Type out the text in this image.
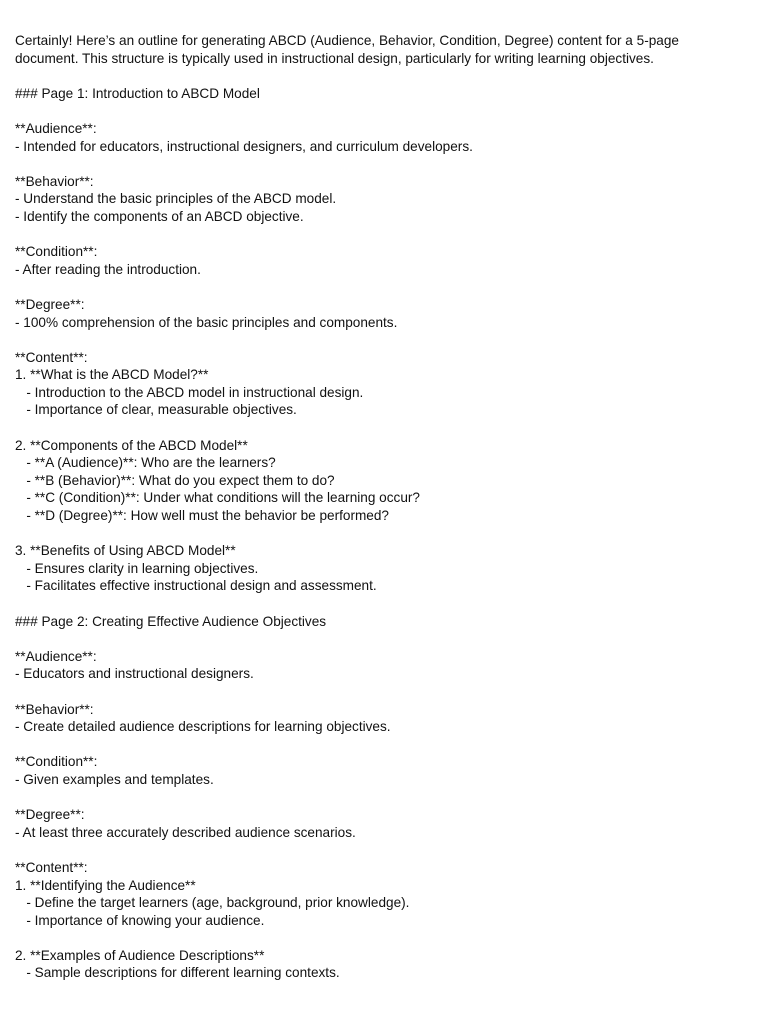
Certainly! Here’s an outline for generating ABCD (Audience, Behavior, Condition, Degree) content for a 5-page
document. This structure is typically used in instructional design, particularly for writing learning objectives.
### Page 1: Introduction to ABCD Model
**Audience**:
- Intended for educators, instructional designers, and curriculum developers.
**Behavior**:
- Understand the basic principles of the ABCD model.
- Identify the components of an ABCD objective.
**Condition**:
- After reading the introduction.
**Degree**:
- 100% comprehension of the basic principles and components.
**Content**:
1. **What is the ABCD Model?**
- Introduction to the ABCD model in instructional design.
- Importance of clear, measurable objectives.
2. **Components of the ABCD Model**
- **A (Audience)**: Who are the learners?
- **B (Behavior)**: What do you expect them to do?
- **C (Condition)**: Under what conditions will the learning occur?
- **D (Degree)**: How well must the behavior be performed?
3. **Benefits of Using ABCD Model**
- Ensures clarity in learning objectives.
- Facilitates effective instructional design and assessment.
### Page 2: Creating Effective Audience Objectives
**Audience**:
- Educators and instructional designers.
**Behavior**:
- Create detailed audience descriptions for learning objectives.
**Condition**:
- Given examples and templates.
**Degree**:
- At least three accurately described audience scenarios.
**Content**:
1. **Identifying the Audience**
- Define the target learners (age, background, prior knowledge).
- Importance of knowing your audience.
2. **Examples of Audience Descriptions**
- Sample descriptions for different learning contexts.
